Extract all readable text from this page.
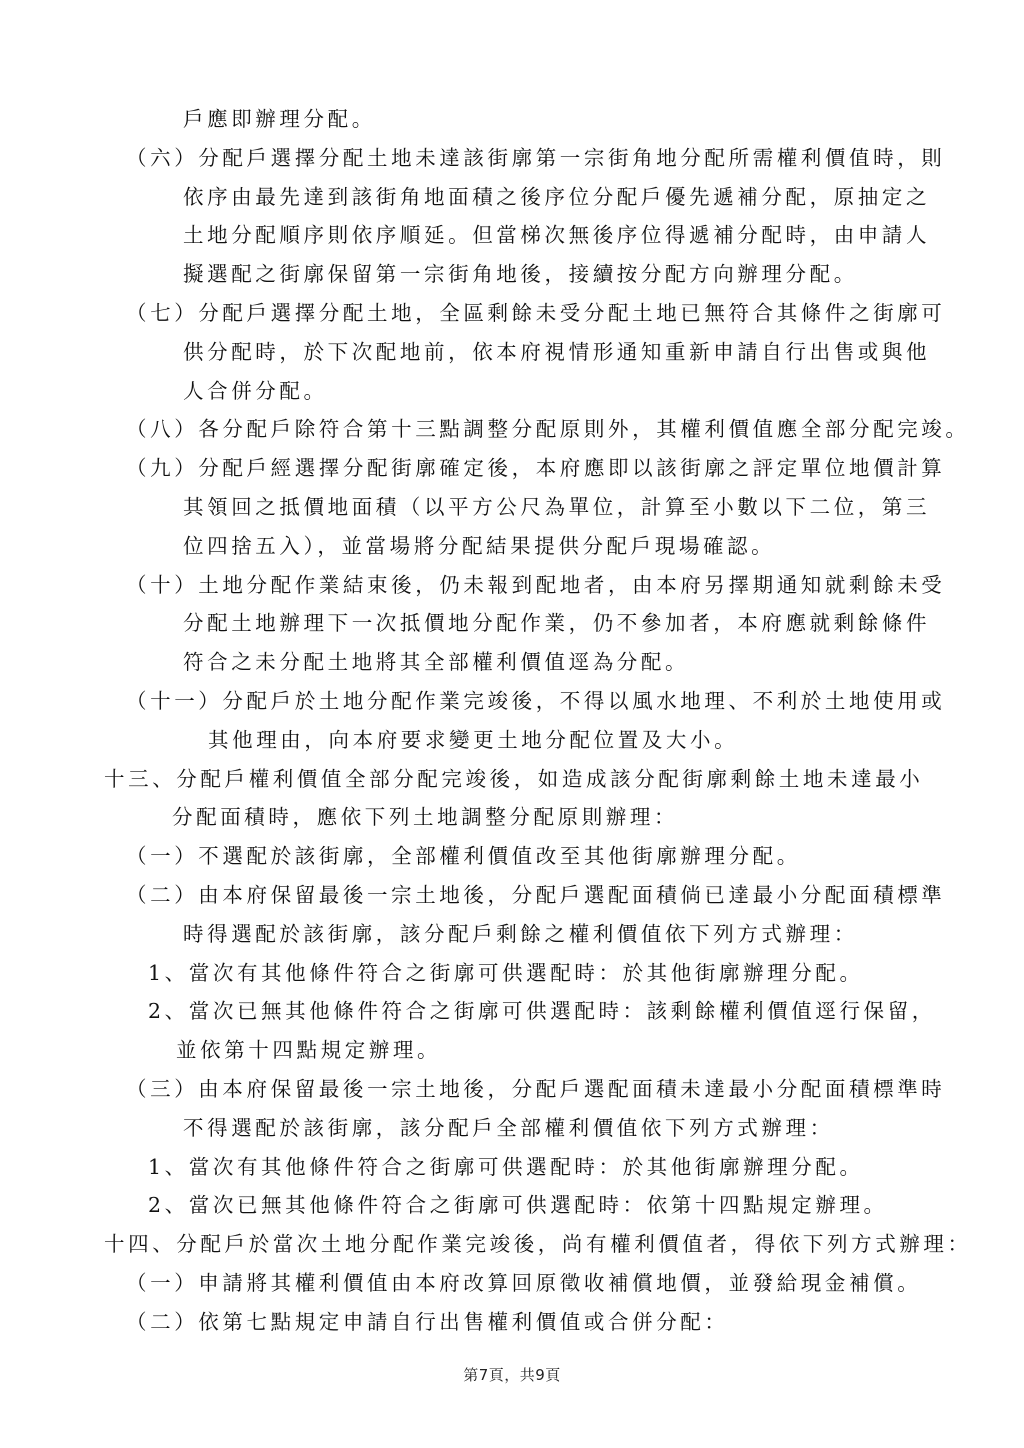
戶應即辦理分配。
（六）分配戶選擇分配土地未達該街廓第一宗街角地分配所需權利價值時，則
依序由最先達到該街角地面積之後序位分配戶優先遞補分配，原抽定之
土地分配順序則依序順延。但當梯次無後序位得遞補分配時，由申請人
擬選配之街廓保留第一宗街角地後，接續按分配方向辦理分配。
（七）分配戶選擇分配土地，全區剩餘未受分配土地已無符合其條件之街廓可
供分配時，於下次配地前，依本府視情形通知重新申請自行出售或與他
人合併分配。
（八）各分配戶除符合第十三點調整分配原則外，其權利價值應全部分配完竣。
（九）分配戶經選擇分配街廓確定後，本府應即以該街廓之評定單位地價計算
其領回之抵價地面積（以平方公尺為單位，計算至小數以下二位，第三
位四捨五入），並當場將分配結果提供分配戶現場確認。
（十）土地分配作業結束後，仍未報到配地者，由本府另擇期通知就剩餘未受
分配土地辦理下一次抵價地分配作業，仍不參加者，本府應就剩餘條件
符合之未分配土地將其全部權利價值逕為分配。
（十一）分配戶於土地分配作業完竣後，不得以風水地理、不利於土地使用或
其他理由，向本府要求變更土地分配位置及大小。
十三、分配戶權利價值全部分配完竣後，如造成該分配街廓剩餘土地未達最小
分配面積時，應依下列土地調整分配原則辦理：
（一）不選配於該街廓，全部權利價值改至其他街廓辦理分配。
（二）由本府保留最後一宗土地後，分配戶選配面積倘已達最小分配面積標準
時得選配於該街廓，該分配戶剩餘之權利價值依下列方式辦理：
1、當次有其他條件符合之街廓可供選配時：於其他街廓辦理分配。
2、當次已無其他條件符合之街廓可供選配時：該剩餘權利價值逕行保留，
並依第十四點規定辦理。
（三）由本府保留最後一宗土地後，分配戶選配面積未達最小分配面積標準時
不得選配於該街廓，該分配戶全部權利價值依下列方式辦理：
1、當次有其他條件符合之街廓可供選配時：於其他街廓辦理分配。
2、當次已無其他條件符合之街廓可供選配時：依第十四點規定辦理。
十四、分配戶於當次土地分配作業完竣後，尚有權利價值者，得依下列方式辦理：
（一）申請將其權利價值由本府改算回原徵收補償地價，並發給現金補償。
（二）依第七點規定申請自行出售權利價值或合併分配：
第7頁，共9頁
